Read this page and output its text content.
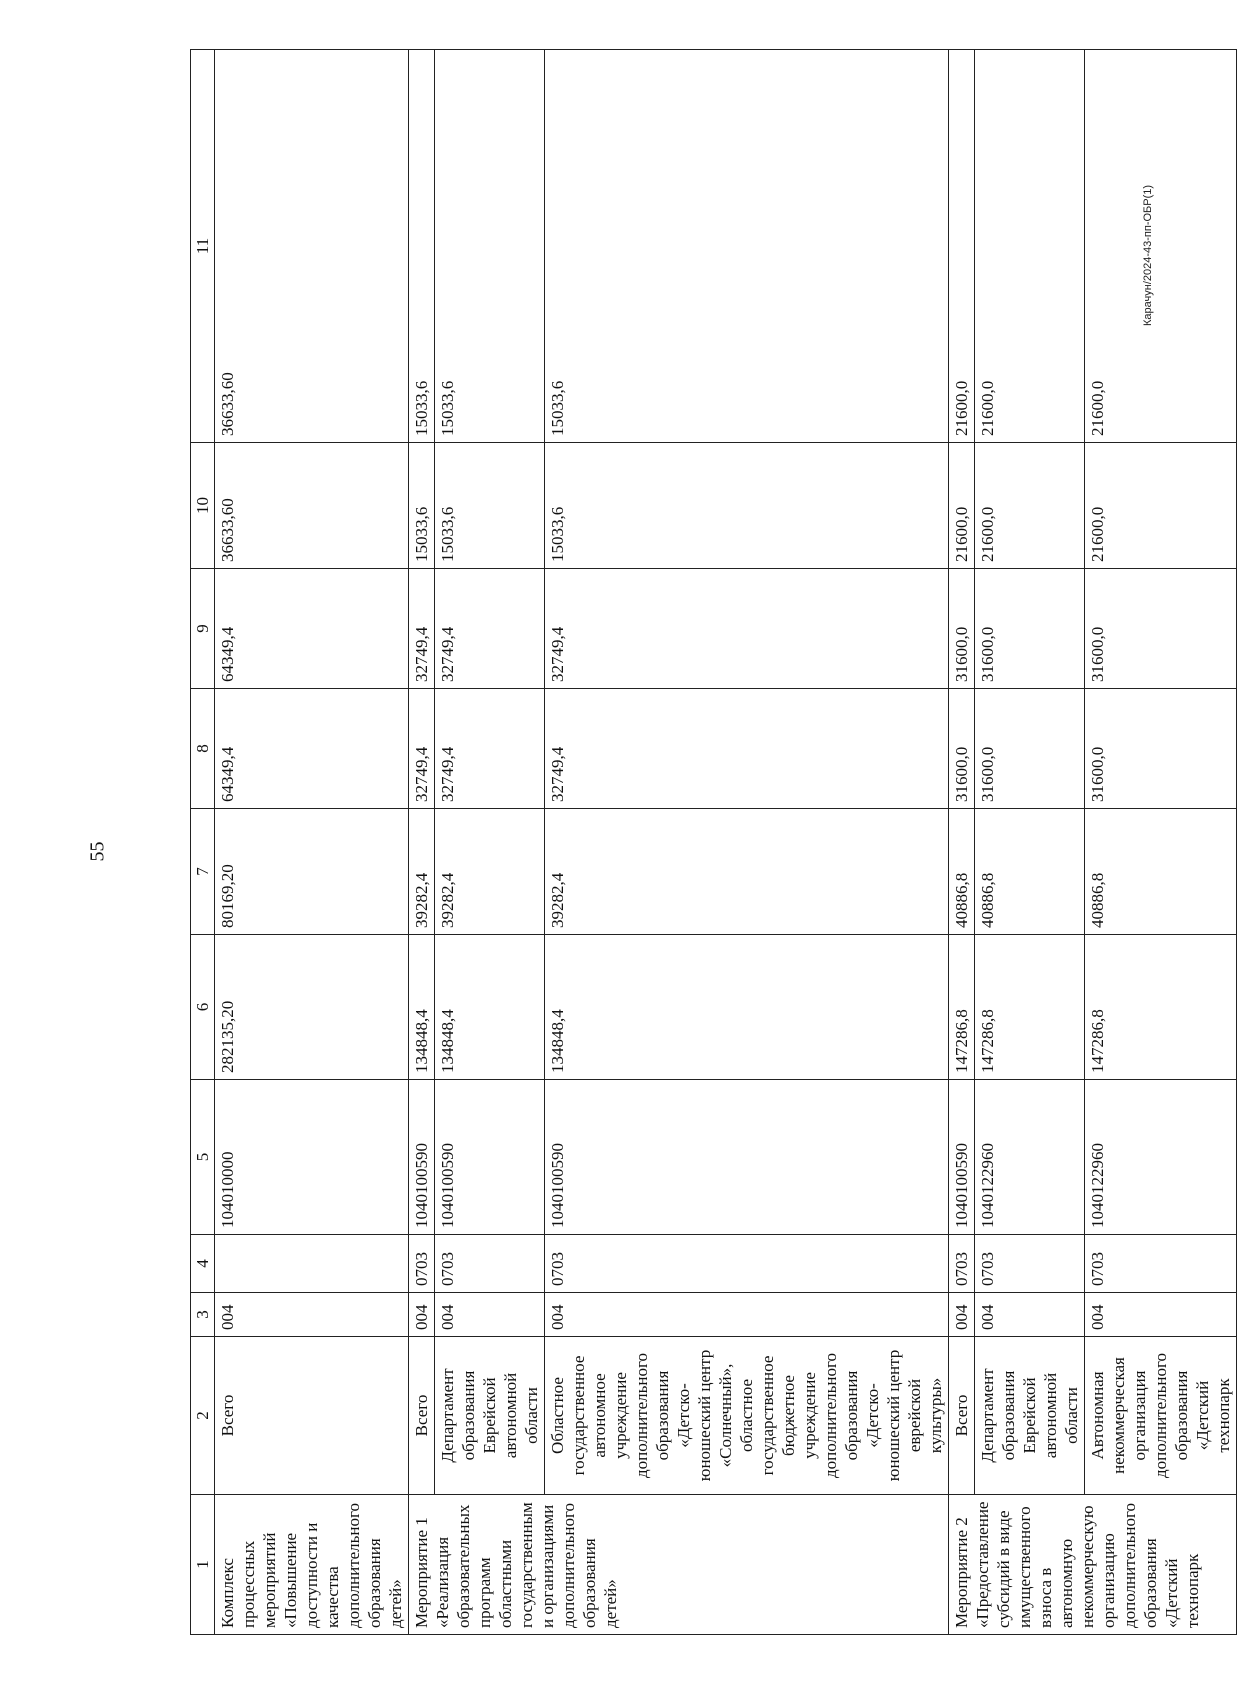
55
Карачун/2024-43-пп-ОБР(1)
1	2	3	4	5	6	7	8	9	10	11
Комплекс процессных мероприятий «Повышение доступности и качества дополнительного образования детей»	Всего	004		104010000	282135,20	80169,20	64349,4	64349,4	36633,60	36633,60
Мероприятие 1 «Реализация образовательных программ областными государственными организациями дополнительного образования детей»	Всего	004	0703	1040100590	134848,4	39282,4	32749,4	32749,4	15033,6	15033,6
	Департамент образования Еврейской автономной области	004	0703	1040100590	134848,4	39282,4	32749,4	32749,4	15033,6	15033,6
	Областное государственное автономное учреждение дополнительного образования «Детско-юношеский центр «Солнечный», областное государственное бюджетное учреждение дополнительного образования «Детско-юношеский центр еврейской культуры»	004	0703	1040100590	134848,4	39282,4	32749,4	32749,4	15033,6	15033,6
Мероприятие 2 «Предоставление субсидий в виде имущественного взноса в автономную некоммерческую организацию дополнительного образования «Детский технопарк	Всего	004	0703	1040100590	147286,8	40886,8	31600,0	31600,0	21600,0	21600,0
	Департамент образования Еврейской автономной области	004	0703	1040122960	147286,8	40886,8	31600,0	31600,0	21600,0	21600,0
	Автономная некоммерческая организация дополнительного образования «Детский технопарк	004	0703	1040122960	147286,8	40886,8	31600,0	31600,0	21600,0	21600,0
